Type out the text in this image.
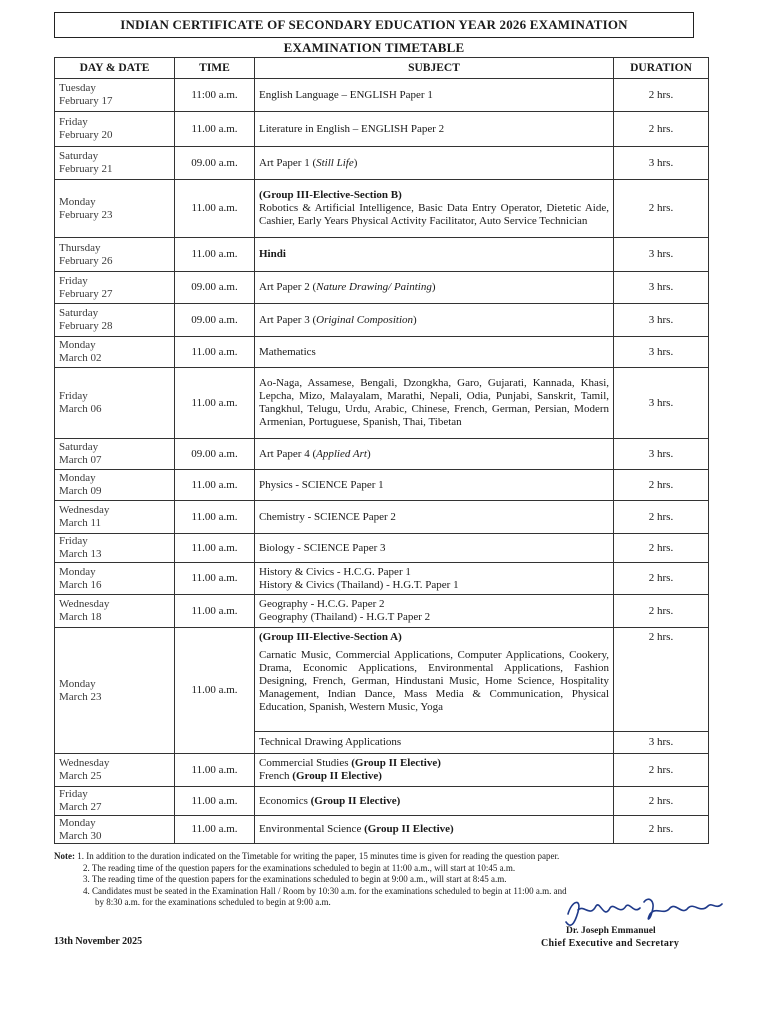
INDIAN CERTIFICATE OF SECONDARY EDUCATION YEAR 2026 EXAMINATION
EXAMINATION TIMETABLE
DAY & DATE	TIME	SUBJECT	DURATION
Tuesday
February 17	11:00 a.m.	English Language – ENGLISH Paper 1	2 hrs.
Friday
February 20	11.00 a.m.	Literature in English – ENGLISH Paper 2	2 hrs.
Saturday
February 21	09.00 a.m.	Art Paper 1 (Still Life)	3 hrs.
Monday
February 23	11.00 a.m.	(Group III-Elective-Section B)
Robotics & Artificial Intelligence, Basic Data Entry Operator, Dietetic Aide, Cashier, Early Years Physical Activity Facilitator, Auto Service Technician	2 hrs.
Thursday
February 26	11.00 a.m.	Hindi	3 hrs.
Friday
February 27	09.00 a.m.	Art Paper 2 (Nature Drawing/ Painting)	3 hrs.
Saturday
February 28	09.00 a.m.	Art Paper 3 (Original Composition)	3 hrs.
Monday
March 02	11.00 a.m.	Mathematics	3 hrs.
Friday
March 06	11.00 a.m.	Ao-Naga, Assamese, Bengali, Dzongkha, Garo, Gujarati, Kannada, Khasi, Lepcha, Mizo, Malayalam, Marathi, Nepali, Odia, Punjabi, Sanskrit, Tamil, Tangkhul, Telugu, Urdu, Arabic, Chinese, French, German, Persian, Modern Armenian, Portuguese, Spanish, Thai, Tibetan	3 hrs.
Saturday
March 07	09.00 a.m.	Art Paper 4 (Applied Art)	3 hrs.
Monday
March 09	11.00 a.m.	Physics - SCIENCE Paper 1	2 hrs.
Wednesday
March 11	11.00 a.m.	Chemistry - SCIENCE Paper 2	2 hrs.
Friday
March 13	11.00 a.m.	Biology - SCIENCE Paper 3	2 hrs.
Monday
March 16	11.00 a.m.	History & Civics - H.C.G. Paper 1
History & Civics (Thailand) - H.G.T. Paper 1	2 hrs.
Wednesday
March 18	11.00 a.m.	Geography - H.C.G. Paper 2
Geography (Thailand) - H.G.T Paper 2	2 hrs.
Monday
March 23	11.00 a.m.	(Group III-Elective-Section A)
Carnatic Music, Commercial Applications, Computer Applications, Cookery, Drama, Economic Applications, Environmental Applications, Fashion Designing, French, German, Hindustani Music, Home Science, Hospitality Management, Indian Dance, Mass Media & Communication, Physical Education, Spanish, Western Music, Yoga	2 hrs.
		Technical Drawing Applications	3 hrs.
Wednesday
March 25	11.00 a.m.	Commercial Studies (Group II Elective)
French (Group II Elective)	2 hrs.
Friday
March 27	11.00 a.m.	Economics (Group II Elective)	2 hrs.
Monday
March 30	11.00 a.m.	Environmental Science (Group II Elective)	2 hrs.
Note: 1. In addition to the duration indicated on the Timetable for writing the paper, 15 minutes time is given for reading the question paper.
2. The reading time of the question papers for the examinations scheduled to begin at 11:00 a.m., will start at 10:45 a.m.
3. The reading time of the question papers for the examinations scheduled to begin at 9:00 a.m., will start at 8:45 a.m.
4. Candidates must be seated in the Examination Hall / Room by 10:30 a.m. for the examinations scheduled to begin at 11:00 a.m. and
by 8:30 a.m. for the examinations scheduled to begin at 9:00 a.m.
13th November 2025
Dr. Joseph Emmanuel
Chief Executive and Secretary
